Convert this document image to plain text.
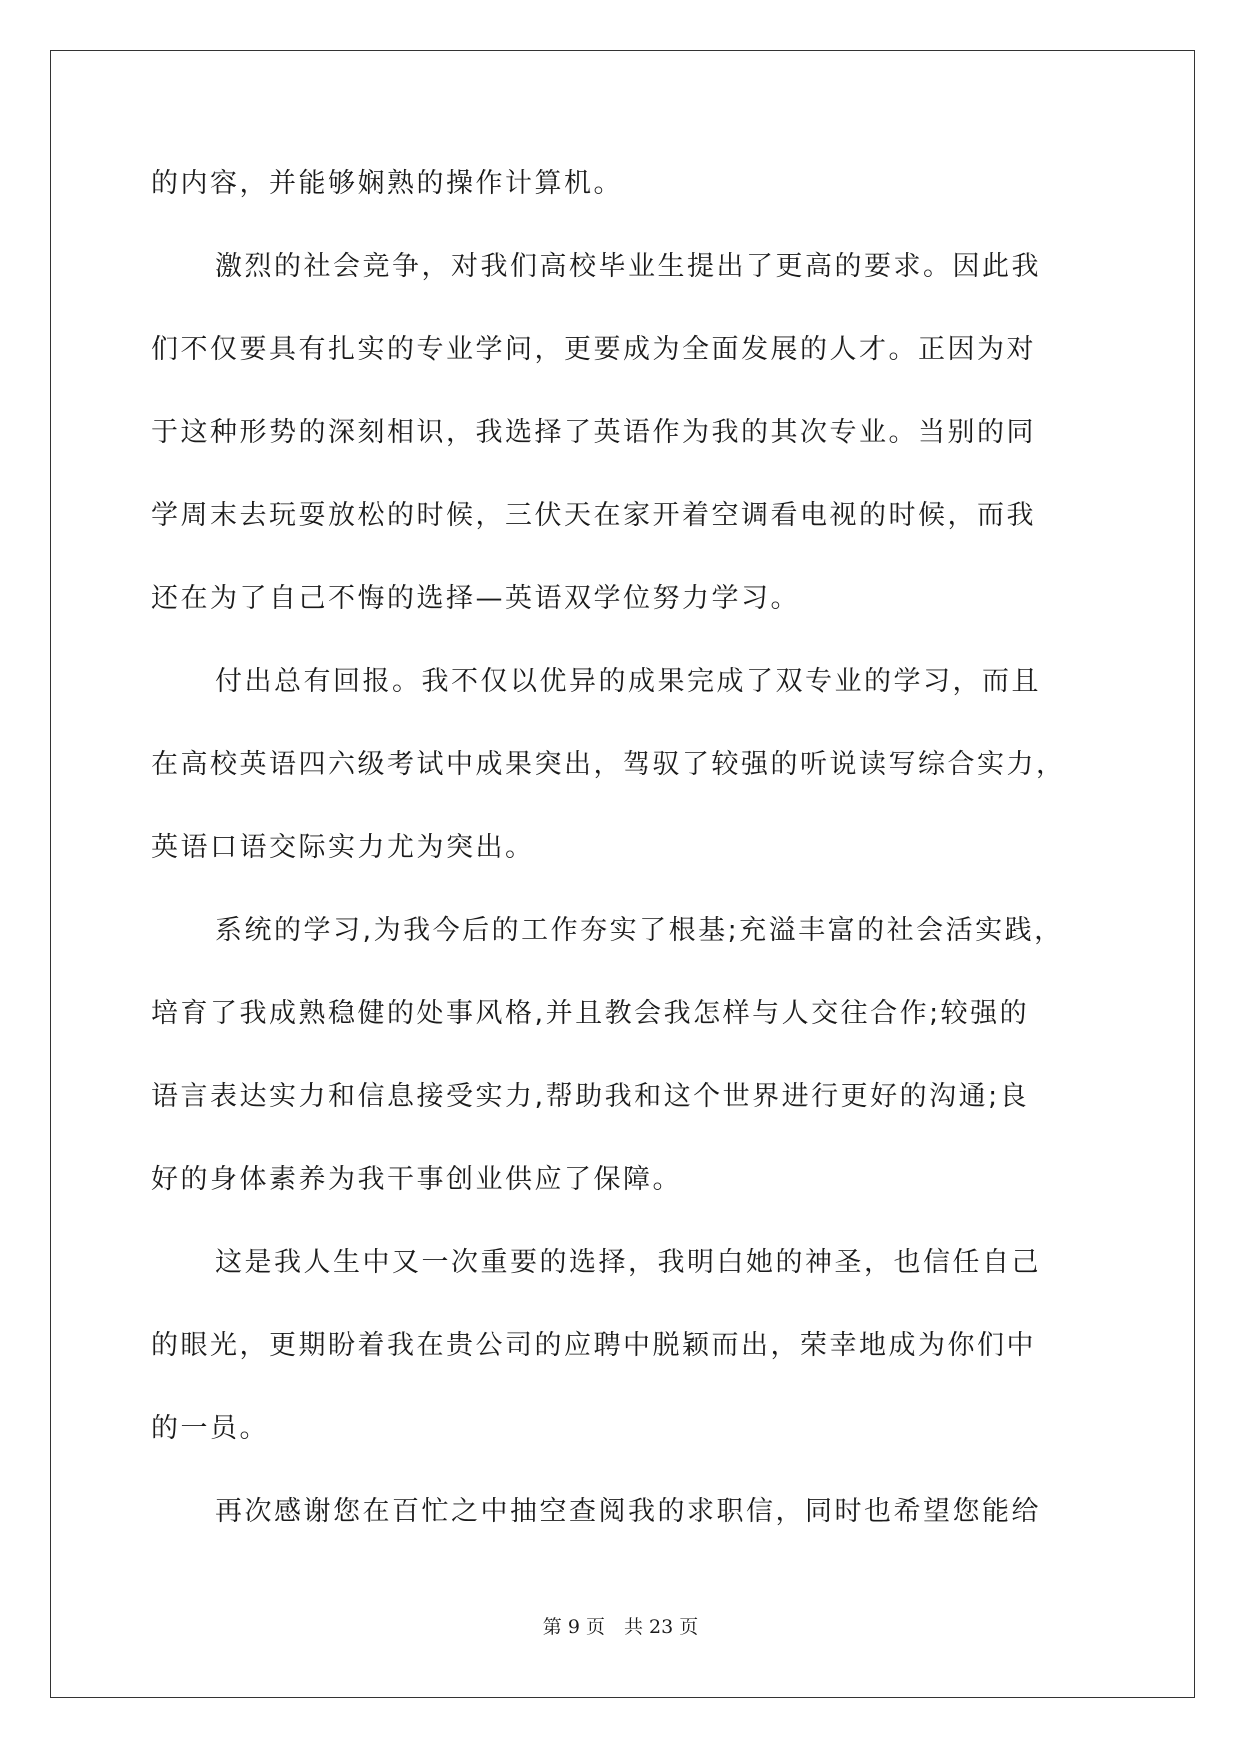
的内容，并能够娴熟的操作计算机。
激烈的社会竞争，对我们高校毕业生提出了更高的要求。因此我
们不仅要具有扎实的专业学问，更要成为全面发展的人才。正因为对
于这种形势的深刻相识，我选择了英语作为我的其次专业。当别的同
学周末去玩耍放松的时候，三伏天在家开着空调看电视的时候，而我
还在为了自己不悔的选择—英语双学位努力学习。
付出总有回报。我不仅以优异的成果完成了双专业的学习，而且
在高校英语四六级考试中成果突出，驾驭了较强的听说读写综合实力，
英语口语交际实力尤为突出。
系统的学习,为我今后的工作夯实了根基;充溢丰富的社会活实践，
培育了我成熟稳健的处事风格,并且教会我怎样与人交往合作;较强的
语言表达实力和信息接受实力,帮助我和这个世界进行更好的沟通;良
好的身体素养为我干事创业供应了保障。
这是我人生中又一次重要的选择，我明白她的神圣，也信任自己
的眼光，更期盼着我在贵公司的应聘中脱颖而出，荣幸地成为你们中
的一员。
再次感谢您在百忙之中抽空查阅我的求职信，同时也希望您能给
第 9 页　共 23 页
